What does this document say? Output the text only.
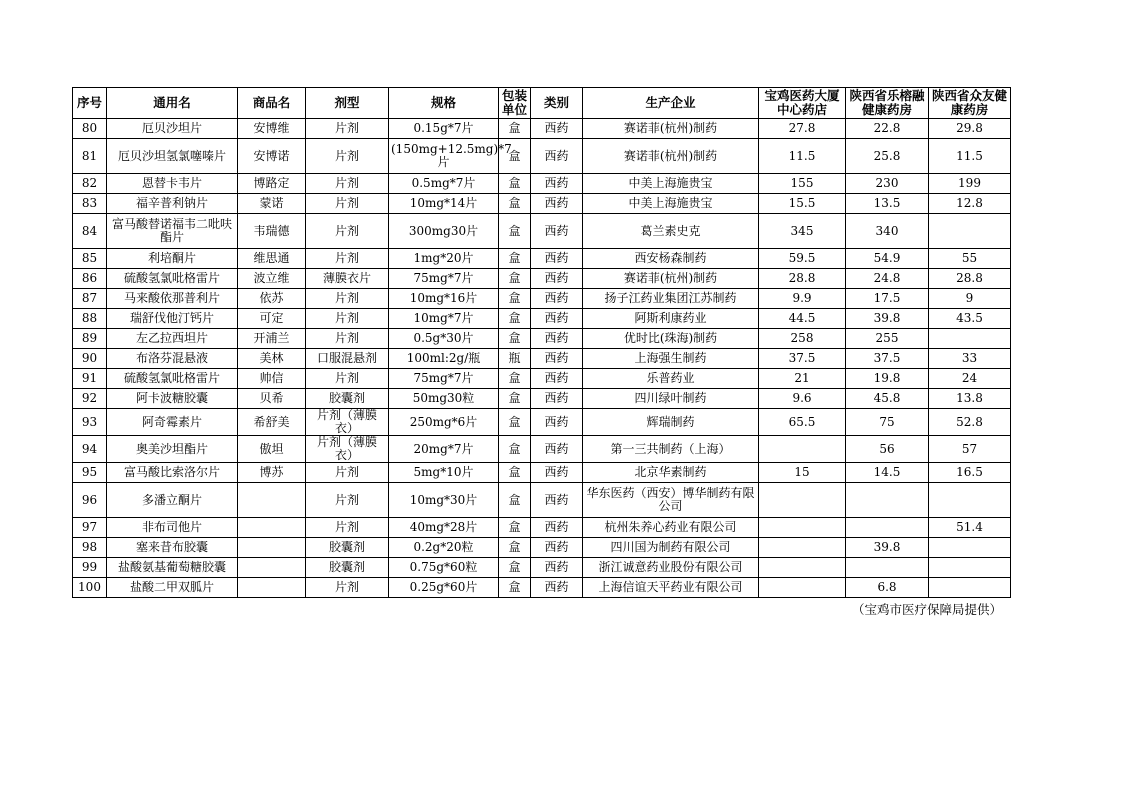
序号	通用名	商品名	剂型	规格	包装单位	类别	生产企业	宝鸡医药大厦中心药店	陕西省乐榕融健康药房	陕西省众友健康药房
80	厄贝沙坦片	安博维	片剂	0.15g*7片	盒	西药	赛诺菲(杭州)制药	27.8	22.8	29.8
81	厄贝沙坦氢氯噻嗪片	安博诺	片剂	(150mg+12.5mg)*7片	盒	西药	赛诺菲(杭州)制药	11.5	25.8	11.5
82	恩替卡韦片	博路定	片剂	0.5mg*7片	盒	西药	中美上海施贵宝	155	230	199
83	福辛普利钠片	蒙诺	片剂	10mg*14片	盒	西药	中美上海施贵宝	15.5	13.5	12.8
84	富马酸替诺福韦二吡呋酯片	韦瑞德	片剂	300mg30片	盒	西药	葛兰素史克	345	340	
85	利培酮片	维思通	片剂	1mg*20片	盒	西药	西安杨森制药	59.5	54.9	55
86	硫酸氢氯吡格雷片	波立维	薄膜衣片	75mg*7片	盒	西药	赛诺菲(杭州)制药	28.8	24.8	28.8
87	马来酸依那普利片	依苏	片剂	10mg*16片	盒	西药	扬子江药业集团江苏制药	9.9	17.5	9
88	瑞舒伐他汀钙片	可定	片剂	10mg*7片	盒	西药	阿斯利康药业	44.5	39.8	43.5
89	左乙拉西坦片	开浦兰	片剂	0.5g*30片	盒	西药	优时比(珠海)制药	258	255	
90	布洛芬混悬液	美林	口服混悬剂	100ml:2g/瓶	瓶	西药	上海强生制药	37.5	37.5	33
91	硫酸氢氯吡格雷片	帅信	片剂	75mg*7片	盒	西药	乐普药业	21	19.8	24
92	阿卡波糖胶囊	贝希	胶囊剂	50mg30粒	盒	西药	四川绿叶制药	9.6	45.8	13.8
93	阿奇霉素片	希舒美	片剂（薄膜衣）	250mg*6片	盒	西药	辉瑞制药	65.5	75	52.8
94	奥美沙坦酯片	傲坦	片剂（薄膜衣）	20mg*7片	盒	西药	第一三共制药（上海）		56	57
95	富马酸比索洛尔片	博苏	片剂	5mg*10片	盒	西药	北京华素制药	15	14.5	16.5
96	多潘立酮片		片剂	10mg*30片	盒	西药	华东医药（西安）博华制药有限公司			
97	非布司他片		片剂	40mg*28片	盒	西药	杭州朱养心药业有限公司			51.4
98	塞来昔布胶囊		胶囊剂	0.2g*20粒	盒	西药	四川国为制药有限公司		39.8	
99	盐酸氨基葡萄糖胶囊		胶囊剂	0.75g*60粒	盒	西药	浙江诚意药业股份有限公司			
100	盐酸二甲双胍片		片剂	0.25g*60片	盒	西药	上海信谊天平药业有限公司		6.8	
（宝鸡市医疗保障局提供）
